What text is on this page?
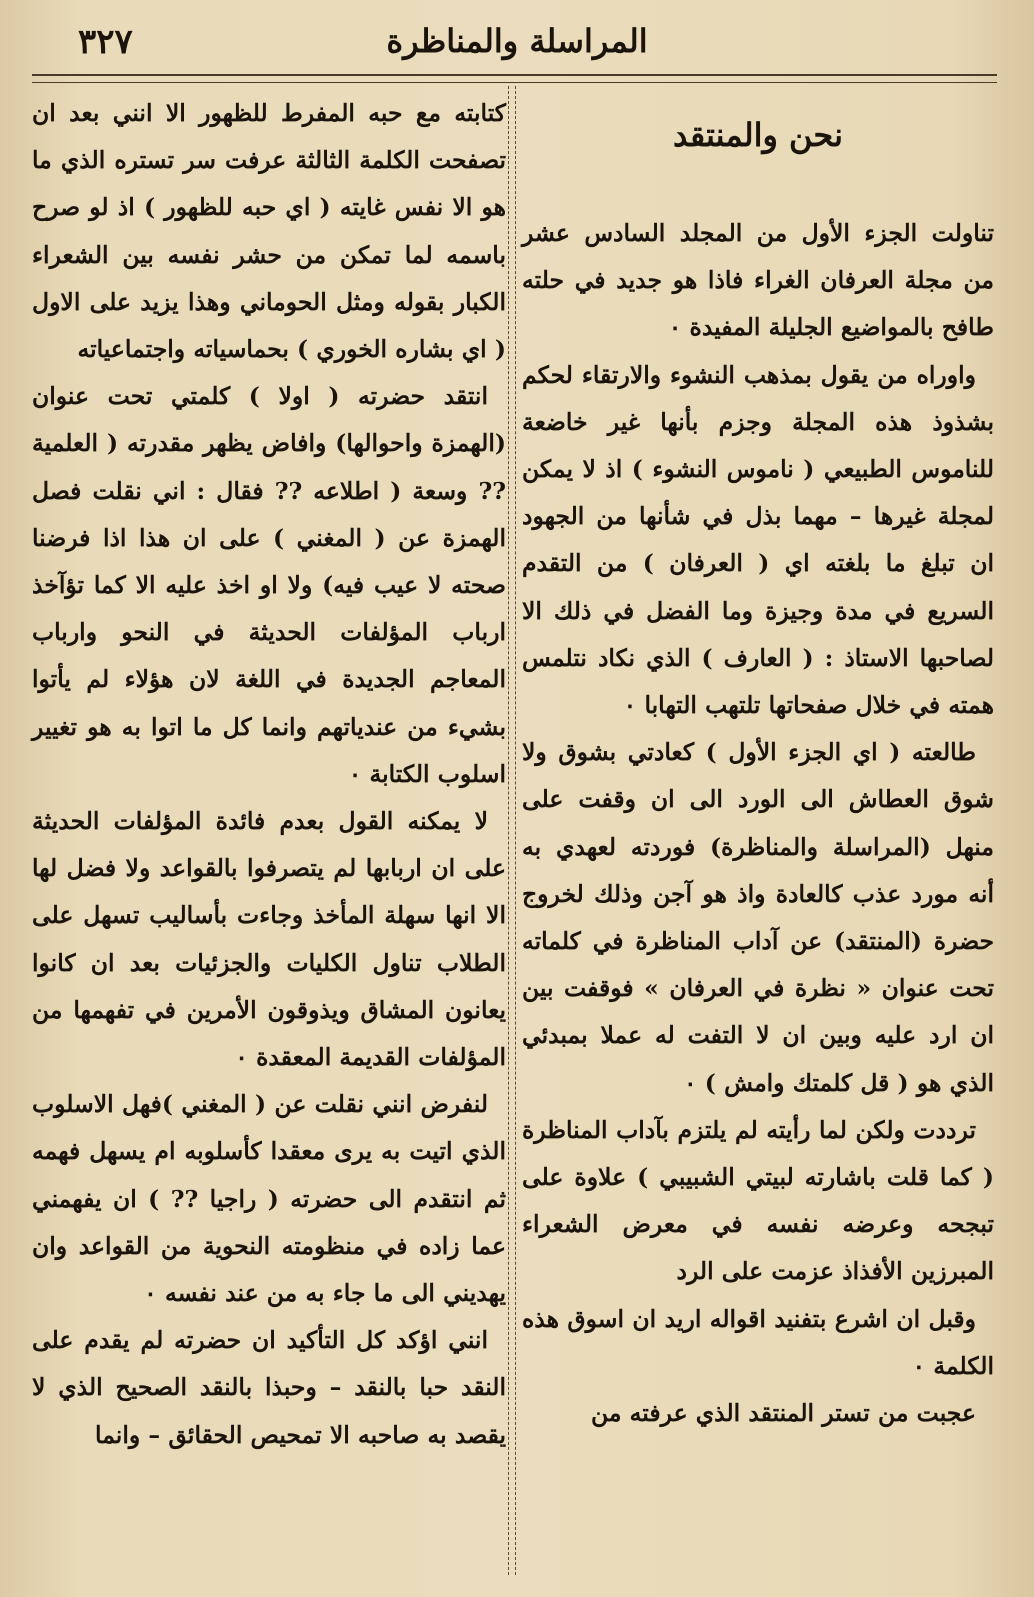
المراسلة والمناظرة
٣٢٧
نحن والمنتقد

تناولت الجزء الأول من المجلد السادس عشر من مجلة العرفان الغراء فاذا هو جديد في حلته طافح بالمواضيع الجليلة المفيدة ٠

واوراه من يقول بمذهب النشوء والارتقاء لحكم بشذوذ هذه المجلة وجزم بأنها غير خاضعة للناموس الطبيعي ( ناموس النشوء ) اذ لا يمكن لمجلة غيرها – مهما بذل في شأنها من الجهود ان تبلغ ما بلغته اي ( العرفان ) من التقدم السريع في مدة وجيزة وما الفضل في ذلك الا لصاحبها الاستاذ : ( العارف ) الذي نكاد نتلمس همته في خلال صفحاتها تلتهب التهابا ٠

طالعته ( اي الجزء الأول ) كعادتي بشوق ولا شوق العطاش الى الورد الى ان وقفت على منهل (المراسلة والمناظرة) فوردته لعهدي به أنه مورد عذب كالعادة واذ هو آجن وذلك لخروج حضرة (المنتقد) عن آداب المناظرة في كلماته تحت عنوان « نظرة في العرفان » فوقفت بين ان ارد عليه وبين ان لا التفت له عملا بمبدئي الذي هو ( قل كلمتك وامش ) ٠

ترددت ولكن لما رأيته لم يلتزم بآداب المناظرة ( كما قلت باشارته لبيتي الشبيبي ) علاوة على تبجحه وعرضه نفسه في معرض الشعراء المبرزين الأفذاذ عزمت على الرد

وقبل ان اشرع بتفنيد اقواله اريد ان اسوق هذه الكلمة ٠

عجبت من تستر المنتقد الذي عرفته من

كتابته مع حبه المفرط للظهور الا انني بعد ان تصفحت الكلمة الثالثة عرفت سر تستره الذي ما هو الا نفس غايته ( اي حبه للظهور ) اذ لو صرح باسمه لما تمكن من حشر نفسه بين الشعراء الكبار بقوله ومثل الحوماني وهذا يزيد على الاول ( اي بشاره الخوري ) بحماسياته واجتماعياته

انتقد حضرته ( اولا ) كلمتي تحت عنوان (الهمزة واحوالها) وافاض يظهر مقدرته ( العلمية ?? وسعة ( اطلاعه ?? فقال : اني نقلت فصل الهمزة عن ( المغني ) على ان هذا اذا فرضنا صحته لا عيب فيه) ولا او اخذ عليه الا كما تؤآخذ ارباب المؤلفات الحديثة في النحو وارباب المعاجم الجديدة في اللغة لان هؤلاء لم يأتوا بشيء من عندياتهم وانما كل ما اتوا به هو تغيير اسلوب الكتابة ٠

لا يمكنه القول بعدم فائدة المؤلفات الحديثة على ان اربابها لم يتصرفوا بالقواعد ولا فضل لها الا انها سهلة المأخذ وجاءت بأساليب تسهل على الطلاب تناول الكليات والجزئيات بعد ان كانوا يعانون المشاق ويذوقون الأمرين في تفهمها من المؤلفات القديمة المعقدة ٠

لنفرض انني نقلت عن ( المغني )فهل الاسلوب الذي اتيت به يرى معقدا كأسلوبه ام يسهل فهمه ثم انتقدم الى حضرته ( راجيا ?? ) ان يفهمني عما زاده في منظومته النحوية من القواعد وان يهديني الى ما جاء به من عند نفسه ٠

انني اؤكد كل التأكيد ان حضرته لم يقدم على النقد حبا بالنقد – وحبذا بالنقد الصحيح الذي لا يقصد به صاحبه الا تمحيص الحقائق – وانما
